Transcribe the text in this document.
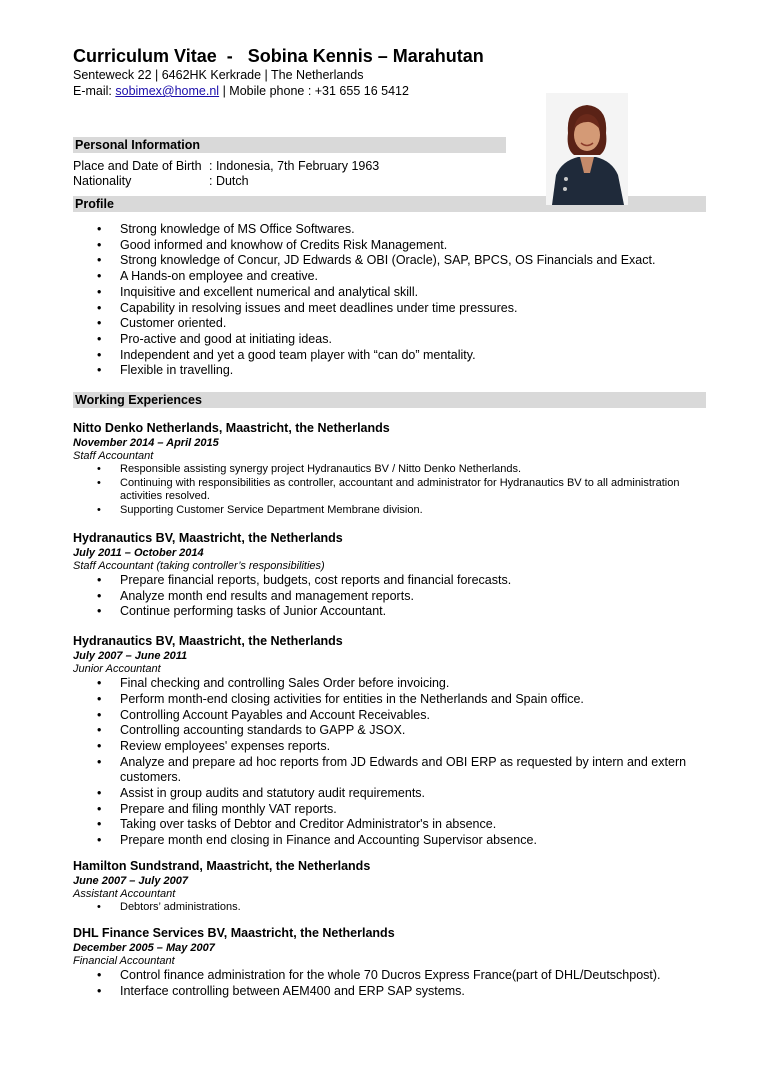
Curriculum Vitae  -   Sobina Kennis – Marahutan

Senteweck 22 | 6462HK Kerkrade | The Netherlands

E-mail: sobimex@home.nl | Mobile phone : +31 655 16 5412

Personal Information
Place and Date of Birth : Indonesia, 7th February 1963
Nationality	: Dutch
Profile
• Strong knowledge of MS Office Softwares.
• Good informed and knowhow of Credits Risk Management.
• Strong knowledge of Concur, JD Edwards & OBI (Oracle), SAP, BPCS, OS Financials and Exact.
• A Hands-on employee and creative.
• Inquisitive and excellent numerical and analytical skill.
• Capability in resolving issues and meet deadlines under time pressures.
• Customer oriented.
• Pro-active and good at initiating ideas.
• Independent and yet a good team player with “can do” mentality.
• Flexible in travelling.
Working Experiences
Nitto Denko Netherlands, Maastricht, the Netherlands
November 2014 – April 2015
Staff Accountant
• Responsible assisting synergy project Hydranautics BV / Nitto Denko Netherlands.
• Continuing with responsibilities as controller, accountant and administrator for Hydranautics BV to all administration activities resolved.
• Supporting Customer Service Department Membrane division.
Hydranautics BV, Maastricht, the Netherlands
July 2011 – October 2014
Staff Accountant (taking controller’s responsibilities)
• Prepare financial reports, budgets, cost reports and financial forecasts.
• Analyze month end results and management reports.
• Continue performing tasks of Junior Accountant.
Hydranautics BV, Maastricht, the Netherlands
July 2007 – June 2011
Junior Accountant
• Final checking and controlling Sales Order before invoicing.
• Perform month-end closing activities for entities in the Netherlands and Spain office.
• Controlling Account Payables and Account Receivables.
• Controlling accounting standards to GAPP & JSOX.
• Review employees' expenses reports.
• Analyze and prepare ad hoc reports from JD Edwards and OBI ERP as requested by intern and extern customers.
• Assist in group audits and statutory audit requirements.
• Prepare and filing monthly VAT reports.
• Taking over tasks of Debtor and Creditor Administrator's in absence.
• Prepare month end closing in Finance and Accounting Supervisor absence.
Hamilton Sundstrand, Maastricht, the Netherlands
June 2007 – July 2007
Assistant Accountant
• Debtors’ administrations.
DHL Finance Services BV, Maastricht, the Netherlands
December 2005 – May 2007
Financial Accountant
• Control finance administration for the whole 70 Ducros Express France(part of DHL/Deutschpost).
• Interface controlling between AEM400 and ERP SAP systems.
